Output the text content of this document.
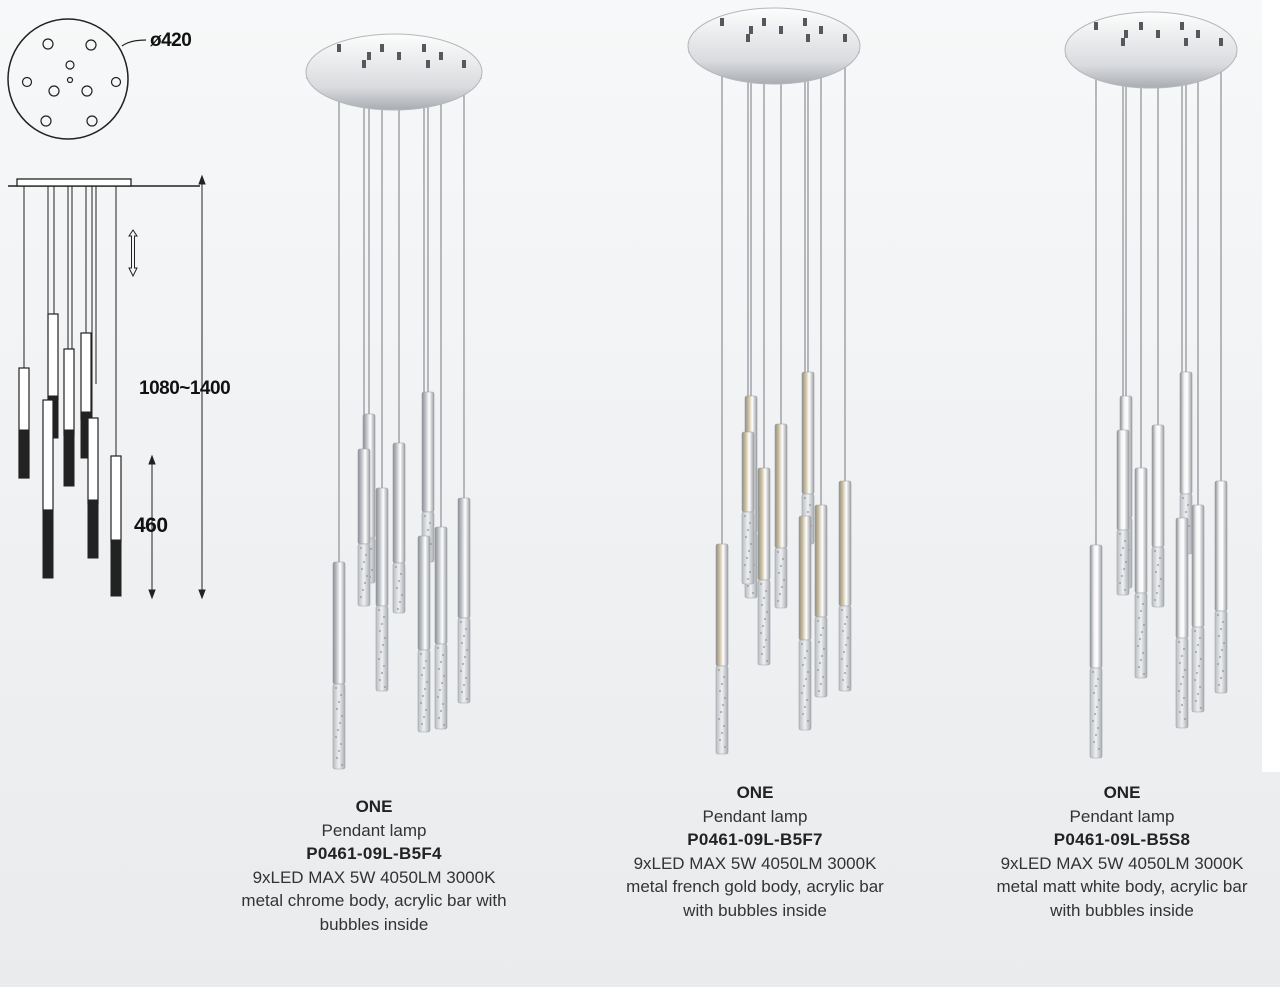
ø420
1080~1400
460
ONE
Pendant lamp
P0461-09L-B5F4
9xLED MAX 5W 4050LM 3000K
metal chrome body, acrylic bar with
bubbles inside
ONE
Pendant lamp
P0461-09L-B5F7
9xLED MAX 5W 4050LM 3000K
metal french gold body, acrylic bar
with bubbles inside
ONE
Pendant lamp
P0461-09L-B5S8
9xLED MAX 5W 4050LM 3000K
metal matt white body, acrylic bar
with bubbles inside
